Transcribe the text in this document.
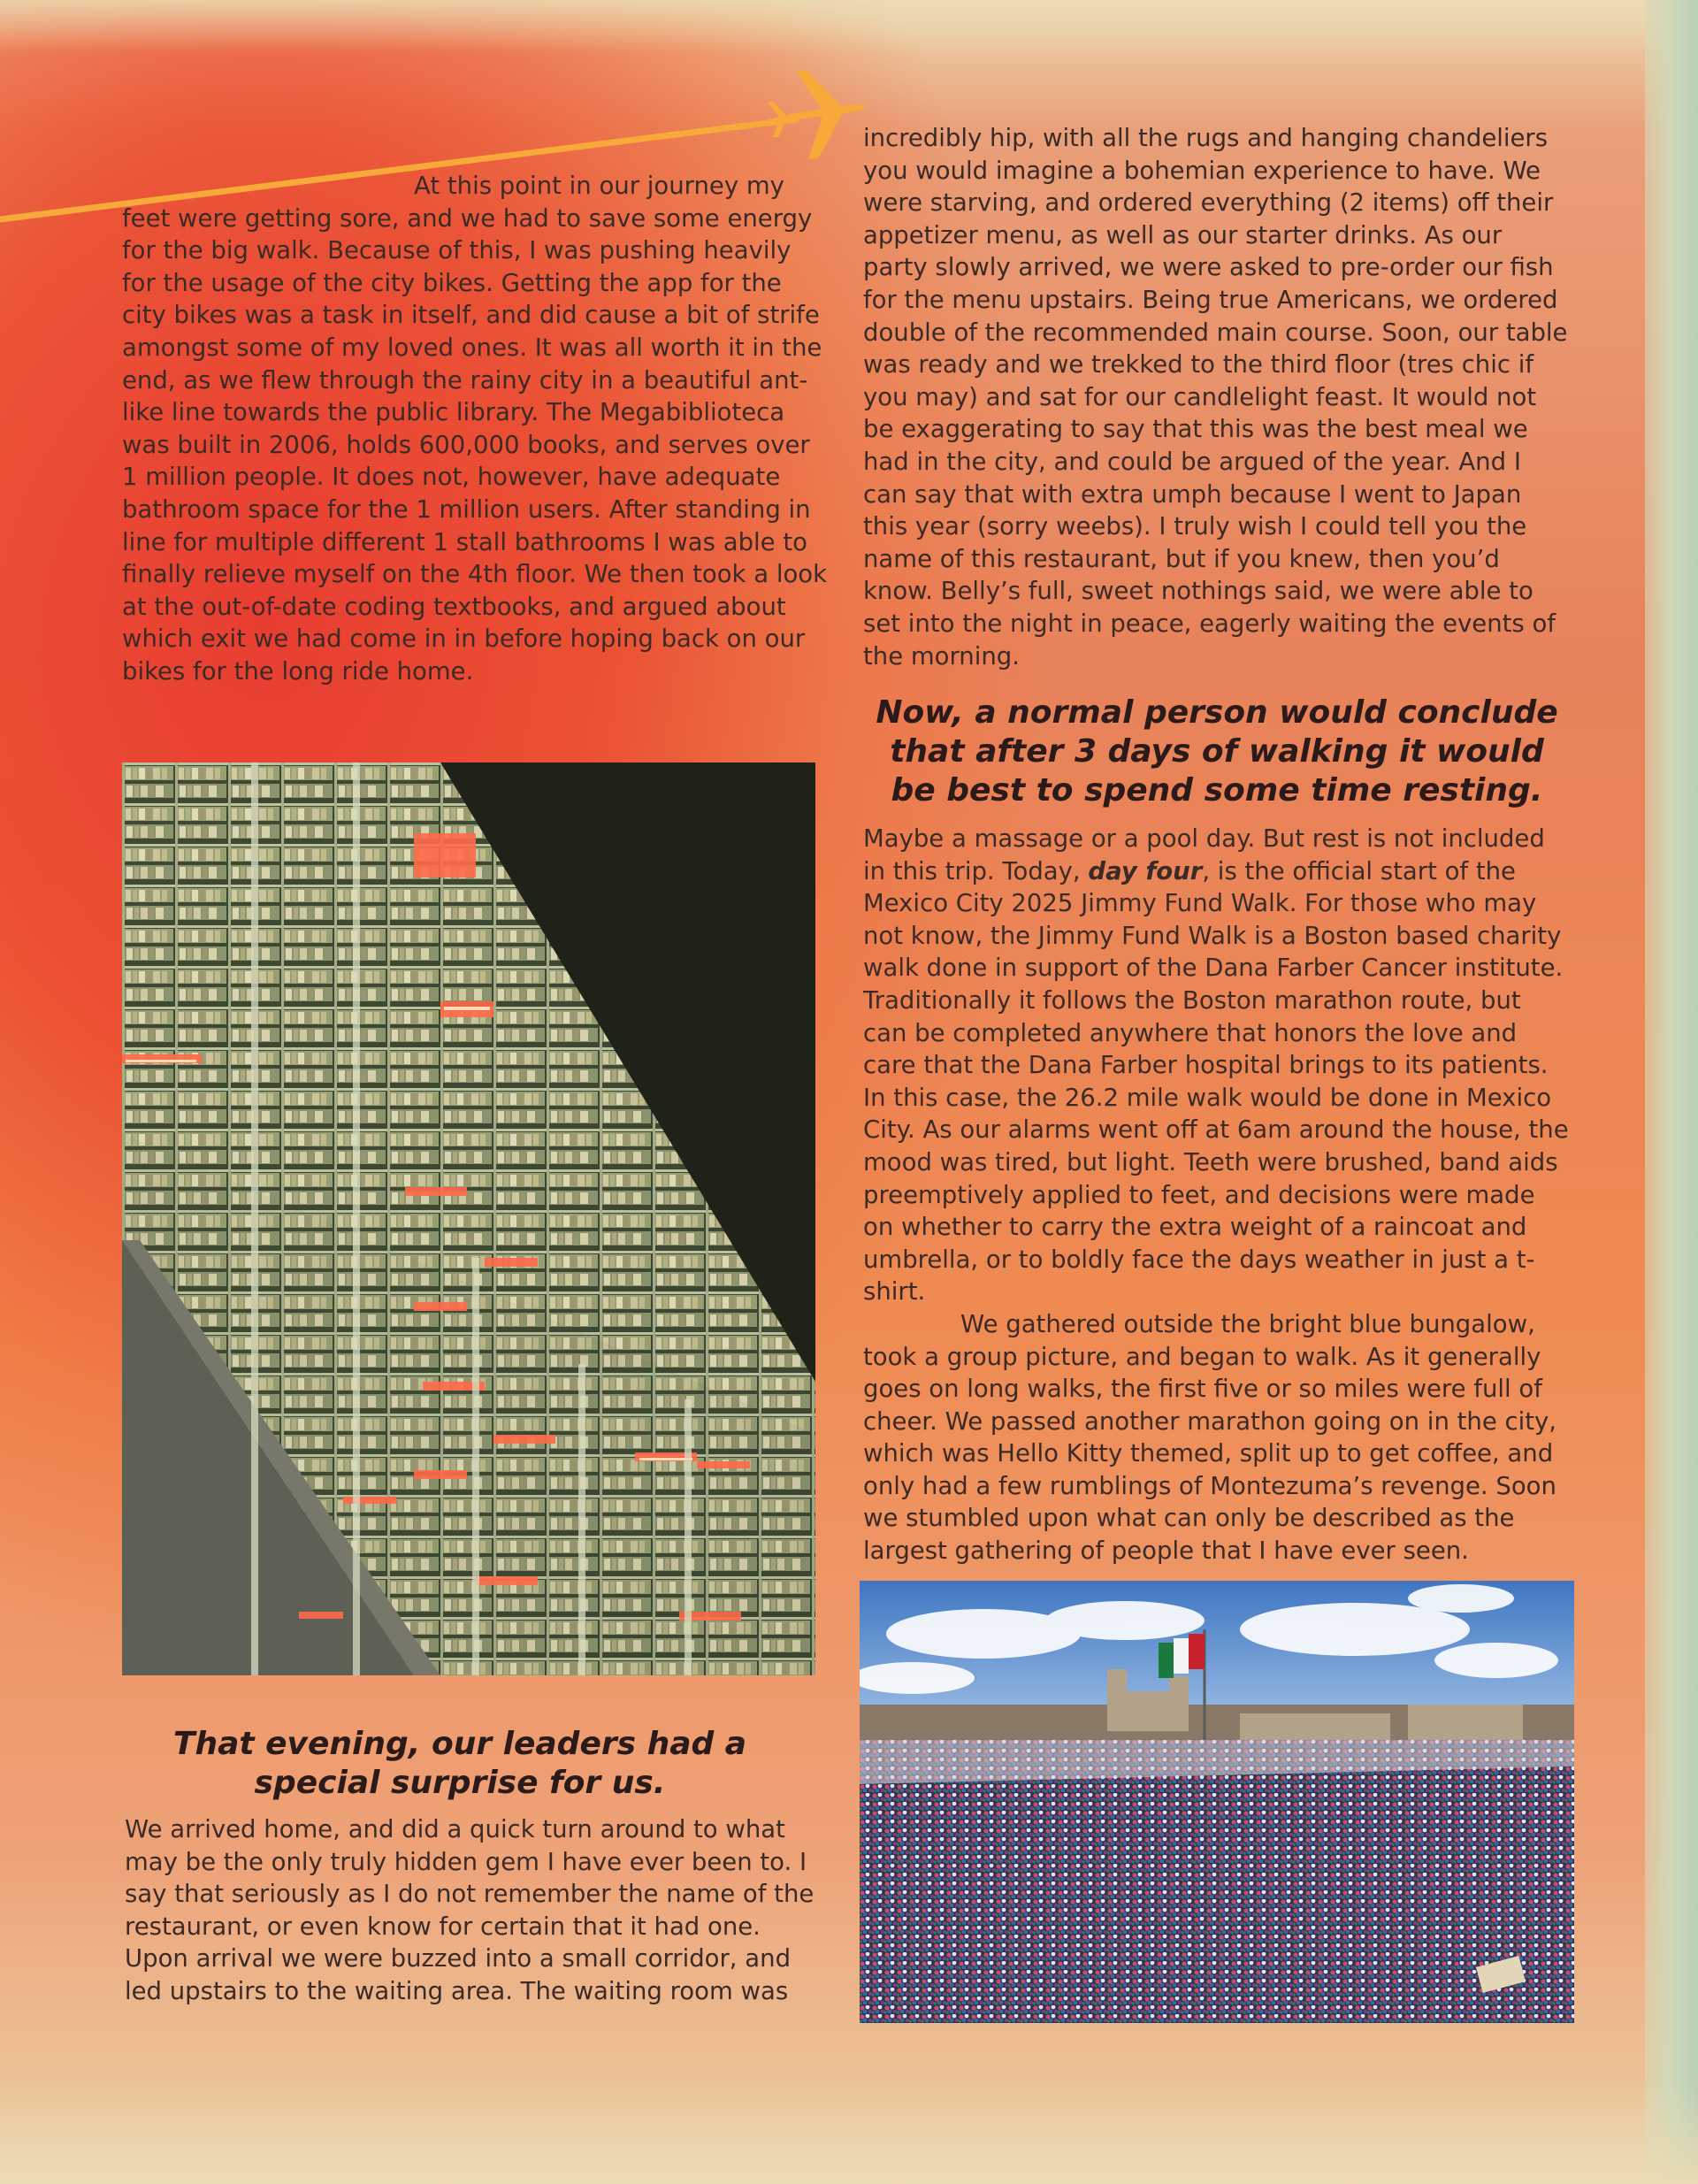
At this point in our journey my feet were getting sore, and we had to save some energy for the big walk. Because of this, I was pushing heavily for the usage of the city bikes. Getting the app for the city bikes was a task in itself, and did cause a bit of strife amongst some of my loved ones. It was all worth it in the end, as we flew through the rainy city in a beautiful ant-like line towards the public library. The Megabiblioteca was built in 2006, holds 600,000 books, and serves over 1 million people. It does not, however, have adequate bathroom space for the 1 million users. After standing in line for multiple different 1 stall bathrooms I was able to finally relieve myself on the 4th floor. We then took a look at the out-of-date coding textbooks, and argued about which exit we had come in in before hoping back on our bikes for the long ride home.

That evening, our leaders had a special surprise for us.

We arrived home, and did a quick turn around to what may be the only truly hidden gem I have ever been to. I say that seriously as I do not remember the name of the restaurant, or even know for certain that it had one. Upon arrival we were buzzed into a small corridor, and led upstairs to the waiting area. The waiting room was

incredibly hip, with all the rugs and hanging chandeliers you would imagine a bohemian experience to have. We were starving, and ordered everything (2 items) off their appetizer menu, as well as our starter drinks. As our party slowly arrived, we were asked to pre-order our fish for the menu upstairs. Being true Americans, we ordered double of the recommended main course. Soon, our table was ready and we trekked to the third floor (tres chic if you may) and sat for our candlelight feast. It would not be exaggerating to say that this was the best meal we had in the city, and could be argued of the year. And I can say that with extra umph because I went to Japan this year (sorry weebs). I truly wish I could tell you the name of this restaurant, but if you knew, then you’d know. Belly’s full, sweet nothings said, we were able to set into the night in peace, eagerly waiting the events of the morning.

Now, a normal person would conclude that after 3 days of walking it would be best to spend some time resting.

Maybe a massage or a pool day. But rest is not included in this trip. Today, day four, is the official start of the Mexico City 2025 Jimmy Fund Walk. For those who may not know, the Jimmy Fund Walk is a Boston based charity walk done in support of the Dana Farber Cancer institute. Traditionally it follows the Boston marathon route, but can be completed anywhere that honors the love and care that the Dana Farber hospital brings to its patients. In this case, the 26.2 mile walk would be done in Mexico City. As our alarms went off at 6am around the house, the mood was tired, but light. Teeth were brushed, band aids preemptively applied to feet, and decisions were made on whether to carry the extra weight of a raincoat and umbrella, or to boldly face the days weather in just a t-shirt.

We gathered outside the bright blue bungalow, took a group picture, and began to walk. As it generally goes on long walks, the first five or so miles were full of cheer. We passed another marathon going on in the city, which was Hello Kitty themed, split up to get coffee, and only had a few rumblings of Montezuma’s revenge. Soon we stumbled upon what can only be described as the largest gathering of people that I have ever seen.
